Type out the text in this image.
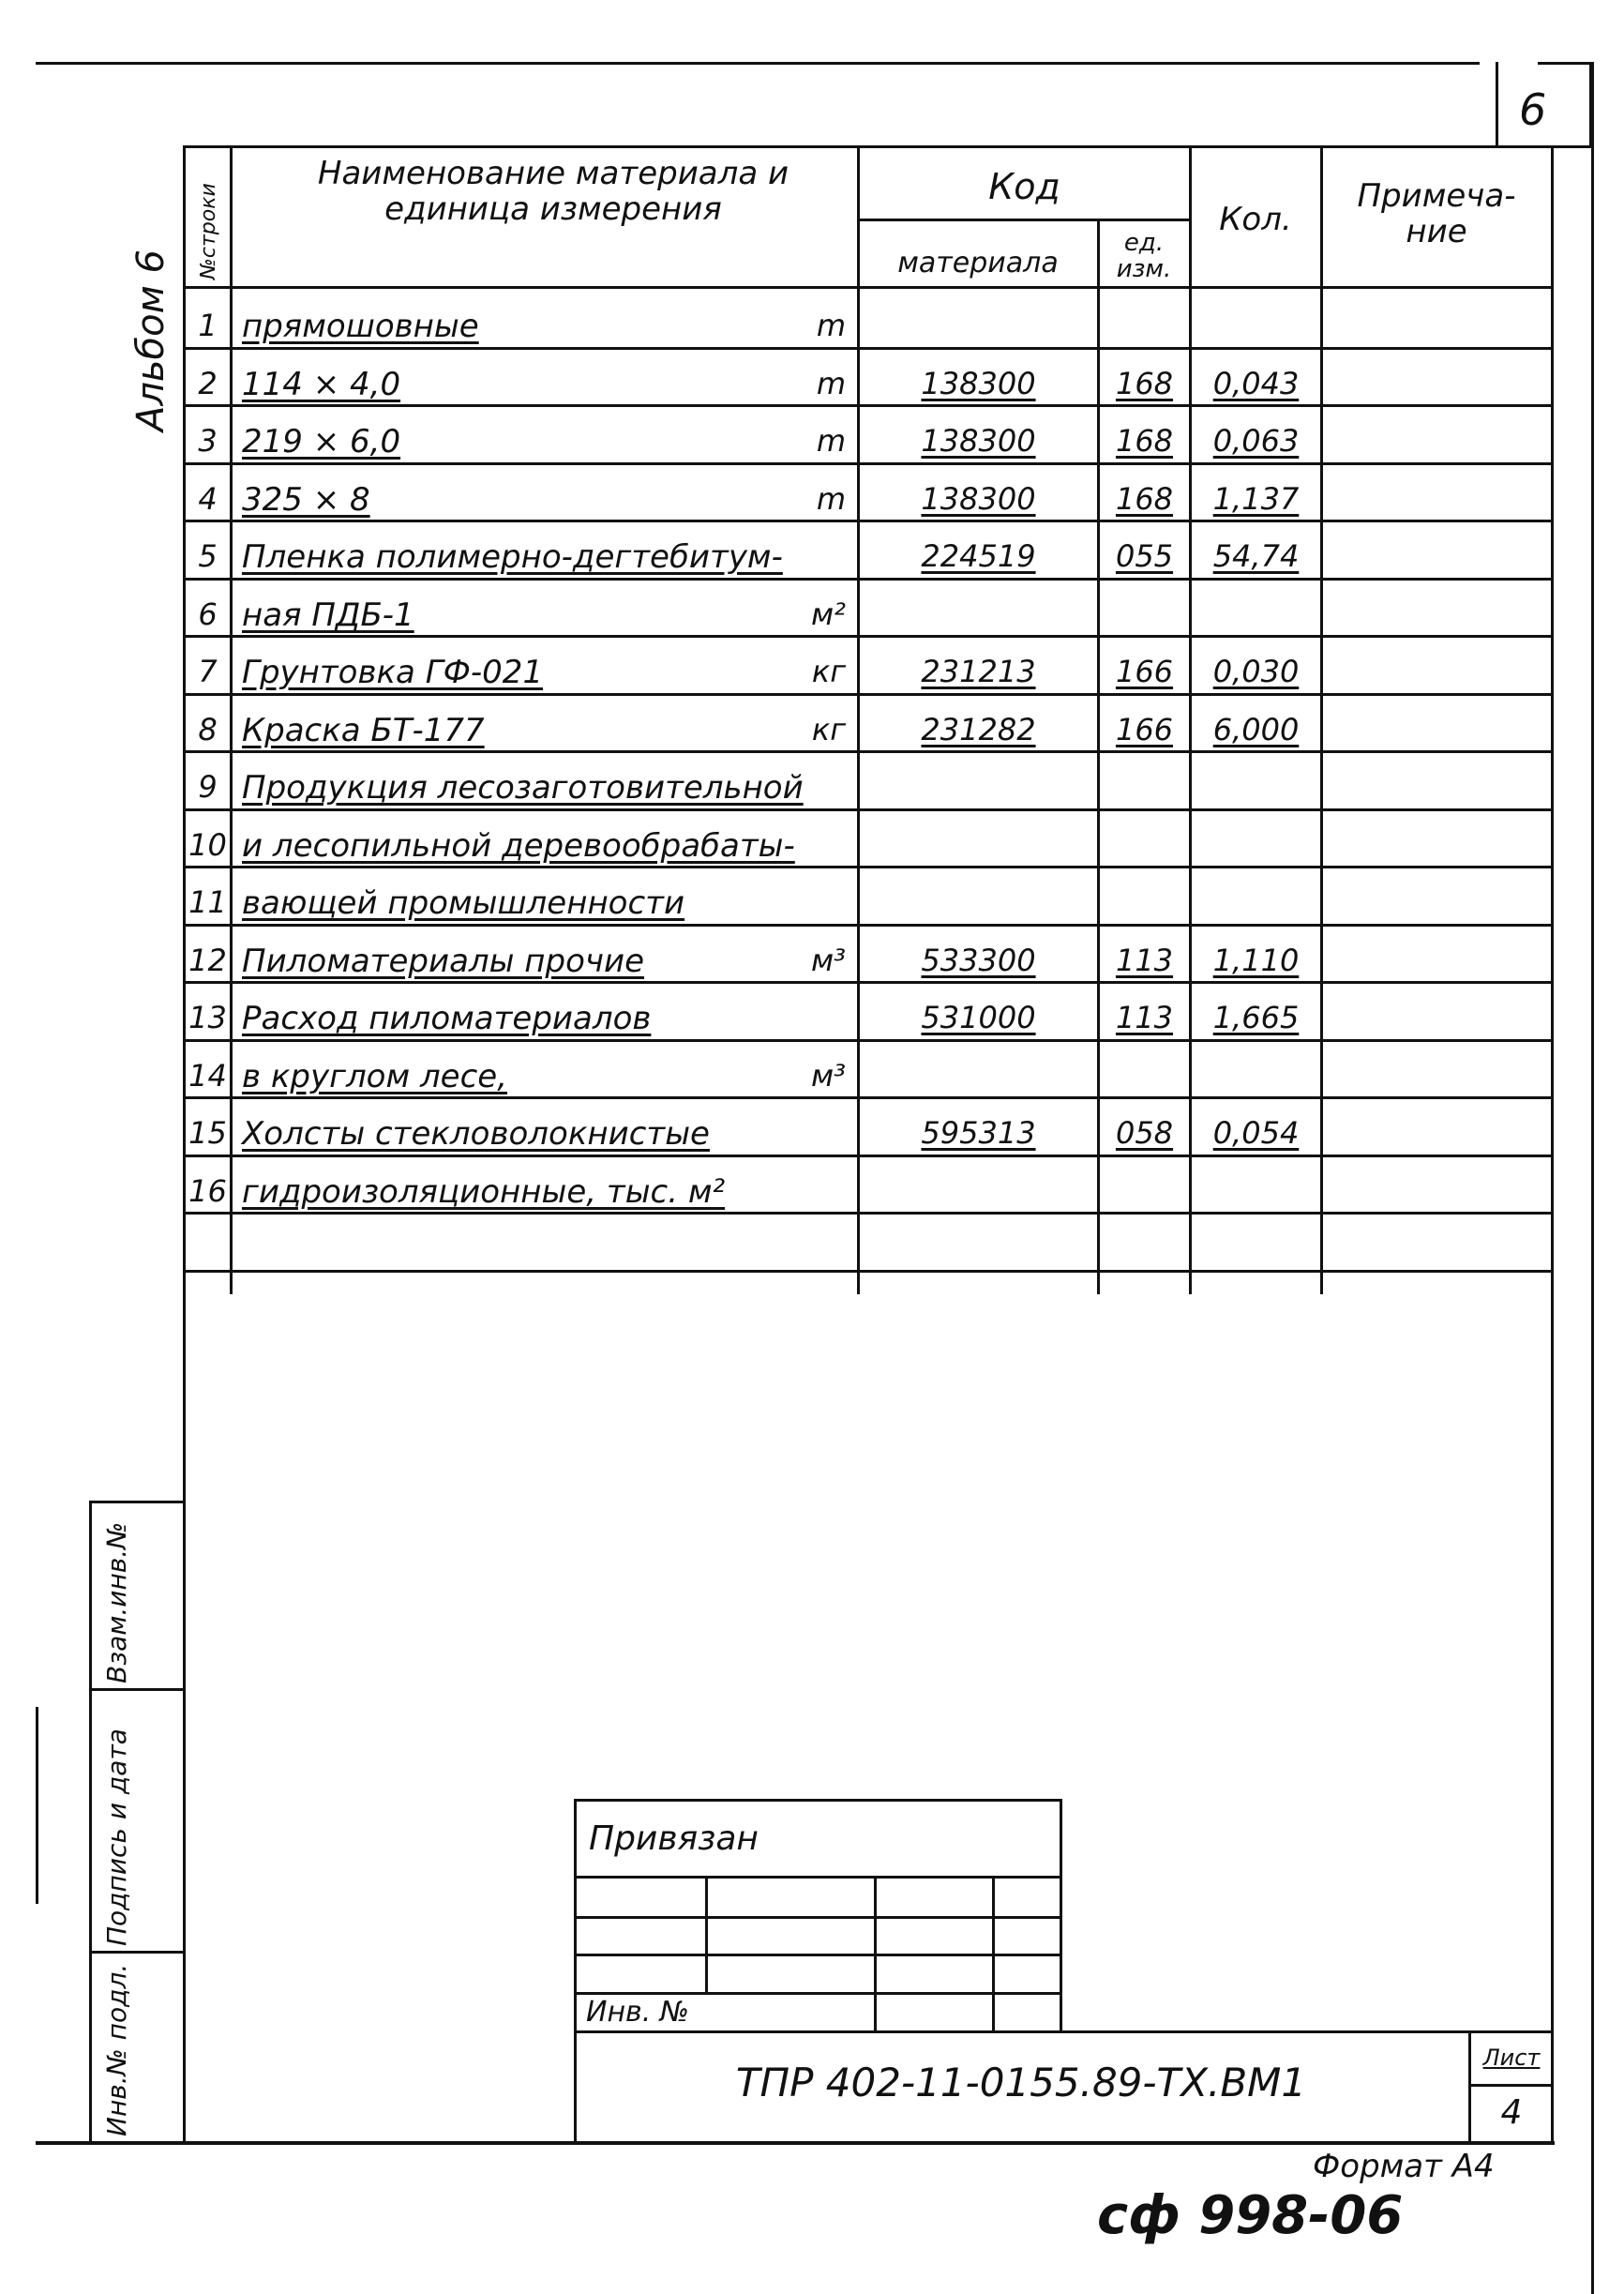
6
Альбом 6
№строки
Наименование материала и единица измерения
Код
материала
ед. изм.
Кол.
Примеча- ние
1 прямошовные	m
2 114 × 4,0	m	138300	168	0,043
3 219 × 6,0	m	138300	168	0,063
4 325 × 8	m	138300	168	1,137
5 Пленка полимерно-дегтебитум-	224519	055	54,74
6 ная ПДБ-1	м²
7 Грунтовка ГФ-021	кг	231213	166	0,030
8 Краска БТ-177	кг	231282	166	6,000
9 Продукция лесозаготовительной
10 и лесопильной деревообрабаты-
11 вающей промышленности
12 Пиломатериалы прочие	м³	533300	113	1,110
13 Расход пиломатериалов	531000	113	1,665
14 в круглом лесе,	м³
15 Холсты стекловолокнистые	595313	058	0,054
16 гидроизоляционные, тыс. м²
Взам.инв.№
Подпись и дата
Инв.№ подл.
Привязан
Инв. №
ТПР 402-11-0155.89-ТХ.ВМ1
Лист
4
Формат А4
сф 998-06
